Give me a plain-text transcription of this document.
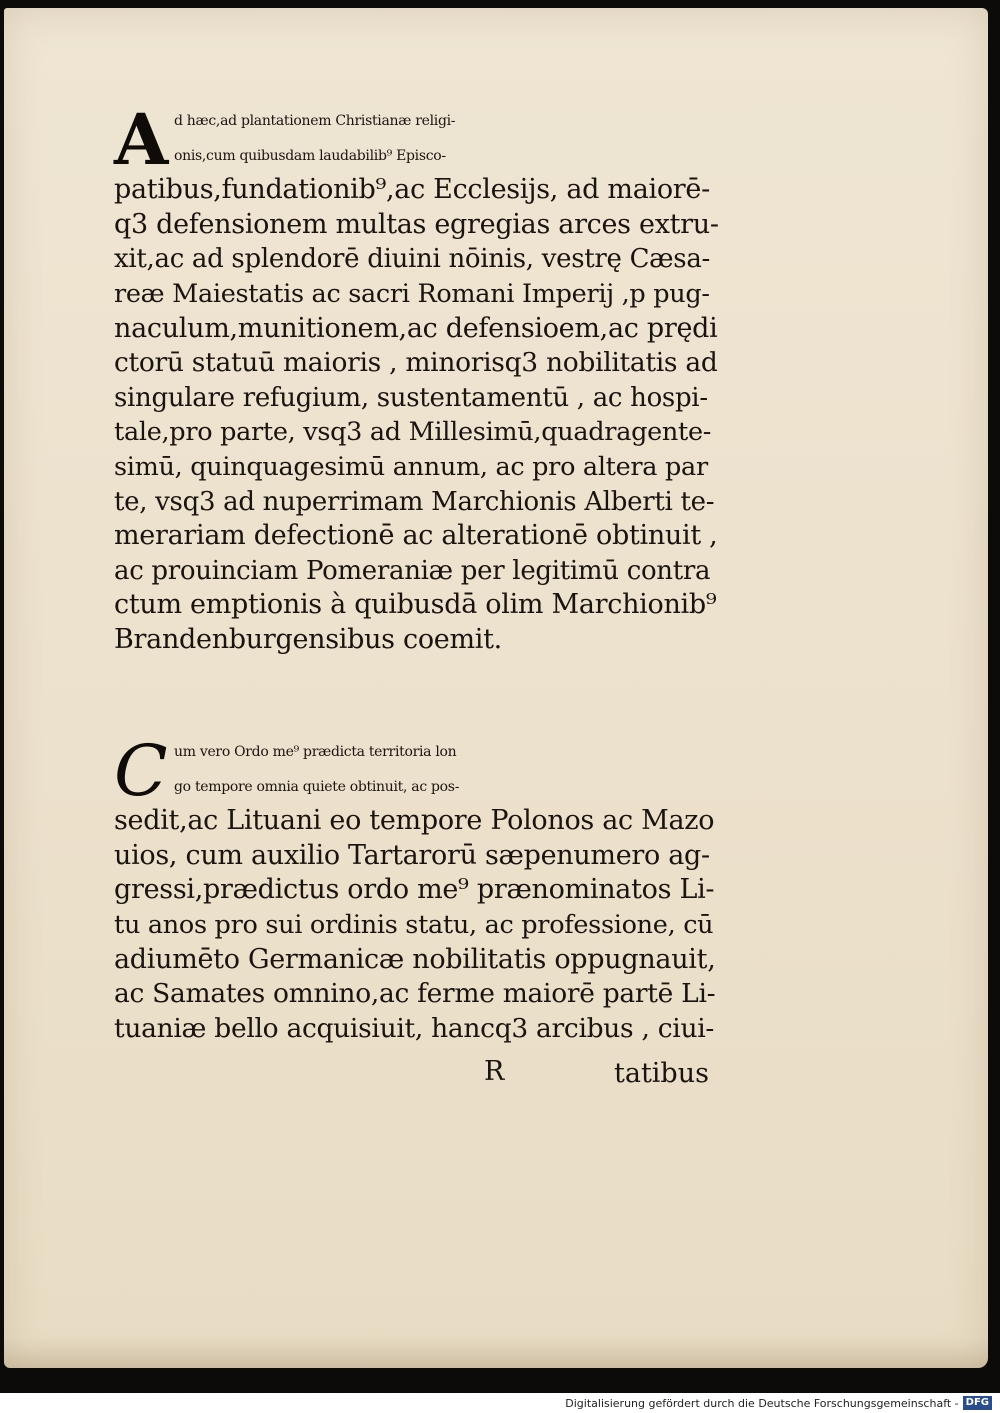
A d hæc,ad plantationem Christianæ religi-
onis,cum quibusdam laudabilib⁹ Episco-
patibus,fundationib⁹,ac Ecclesijs, ad maiorē-
q3 defensionem multas egregias arces extru-
xit,ac ad splendorē diuini nōinis, vestrę Cæsa-
reæ Maiestatis ac sacri Romani Imperij ,p pug-
naculum,munitionem,ac defensioem,ac prędi
ctorū statuū maioris , minorisq3 nobilitatis ad
singulare refugium, sustentamentū , ac hospi-
tale,pro parte, vsq3 ad Millesimū,quadragente-
simū, quinquagesimū annum, ac pro altera par
te, vsq3 ad nuperrimam Marchionis Alberti te-
merariam defectionē ac alterationē obtinuit ,
ac prouinciam Pomeraniæ per legitimū contra
ctum emptionis à quibusdā olim Marchionib⁹
Brandenburgensibus coemit.
C um vero Ordo me⁹ prædicta territoria lon
go tempore omnia quiete obtinuit, ac pos-
sedit,ac Lituani eo tempore Polonos ac Mazo
uios, cum auxilio Tartarorū sæpenumero ag-
gressi,prædictus ordo me⁹ prænominatos Li-
tu anos pro sui ordinis statu, ac professione, cū
adiumēto Germanicæ nobilitatis oppugnauit,
ac Samates omnino,ac ferme maiorē partē Li-
tuaniæ bello acquisiuit, hancq3 arcibus , ciui-
R	tatibus
Digitalisierung gefördert durch die Deutsche Forschungsgemeinschaft - DFG
